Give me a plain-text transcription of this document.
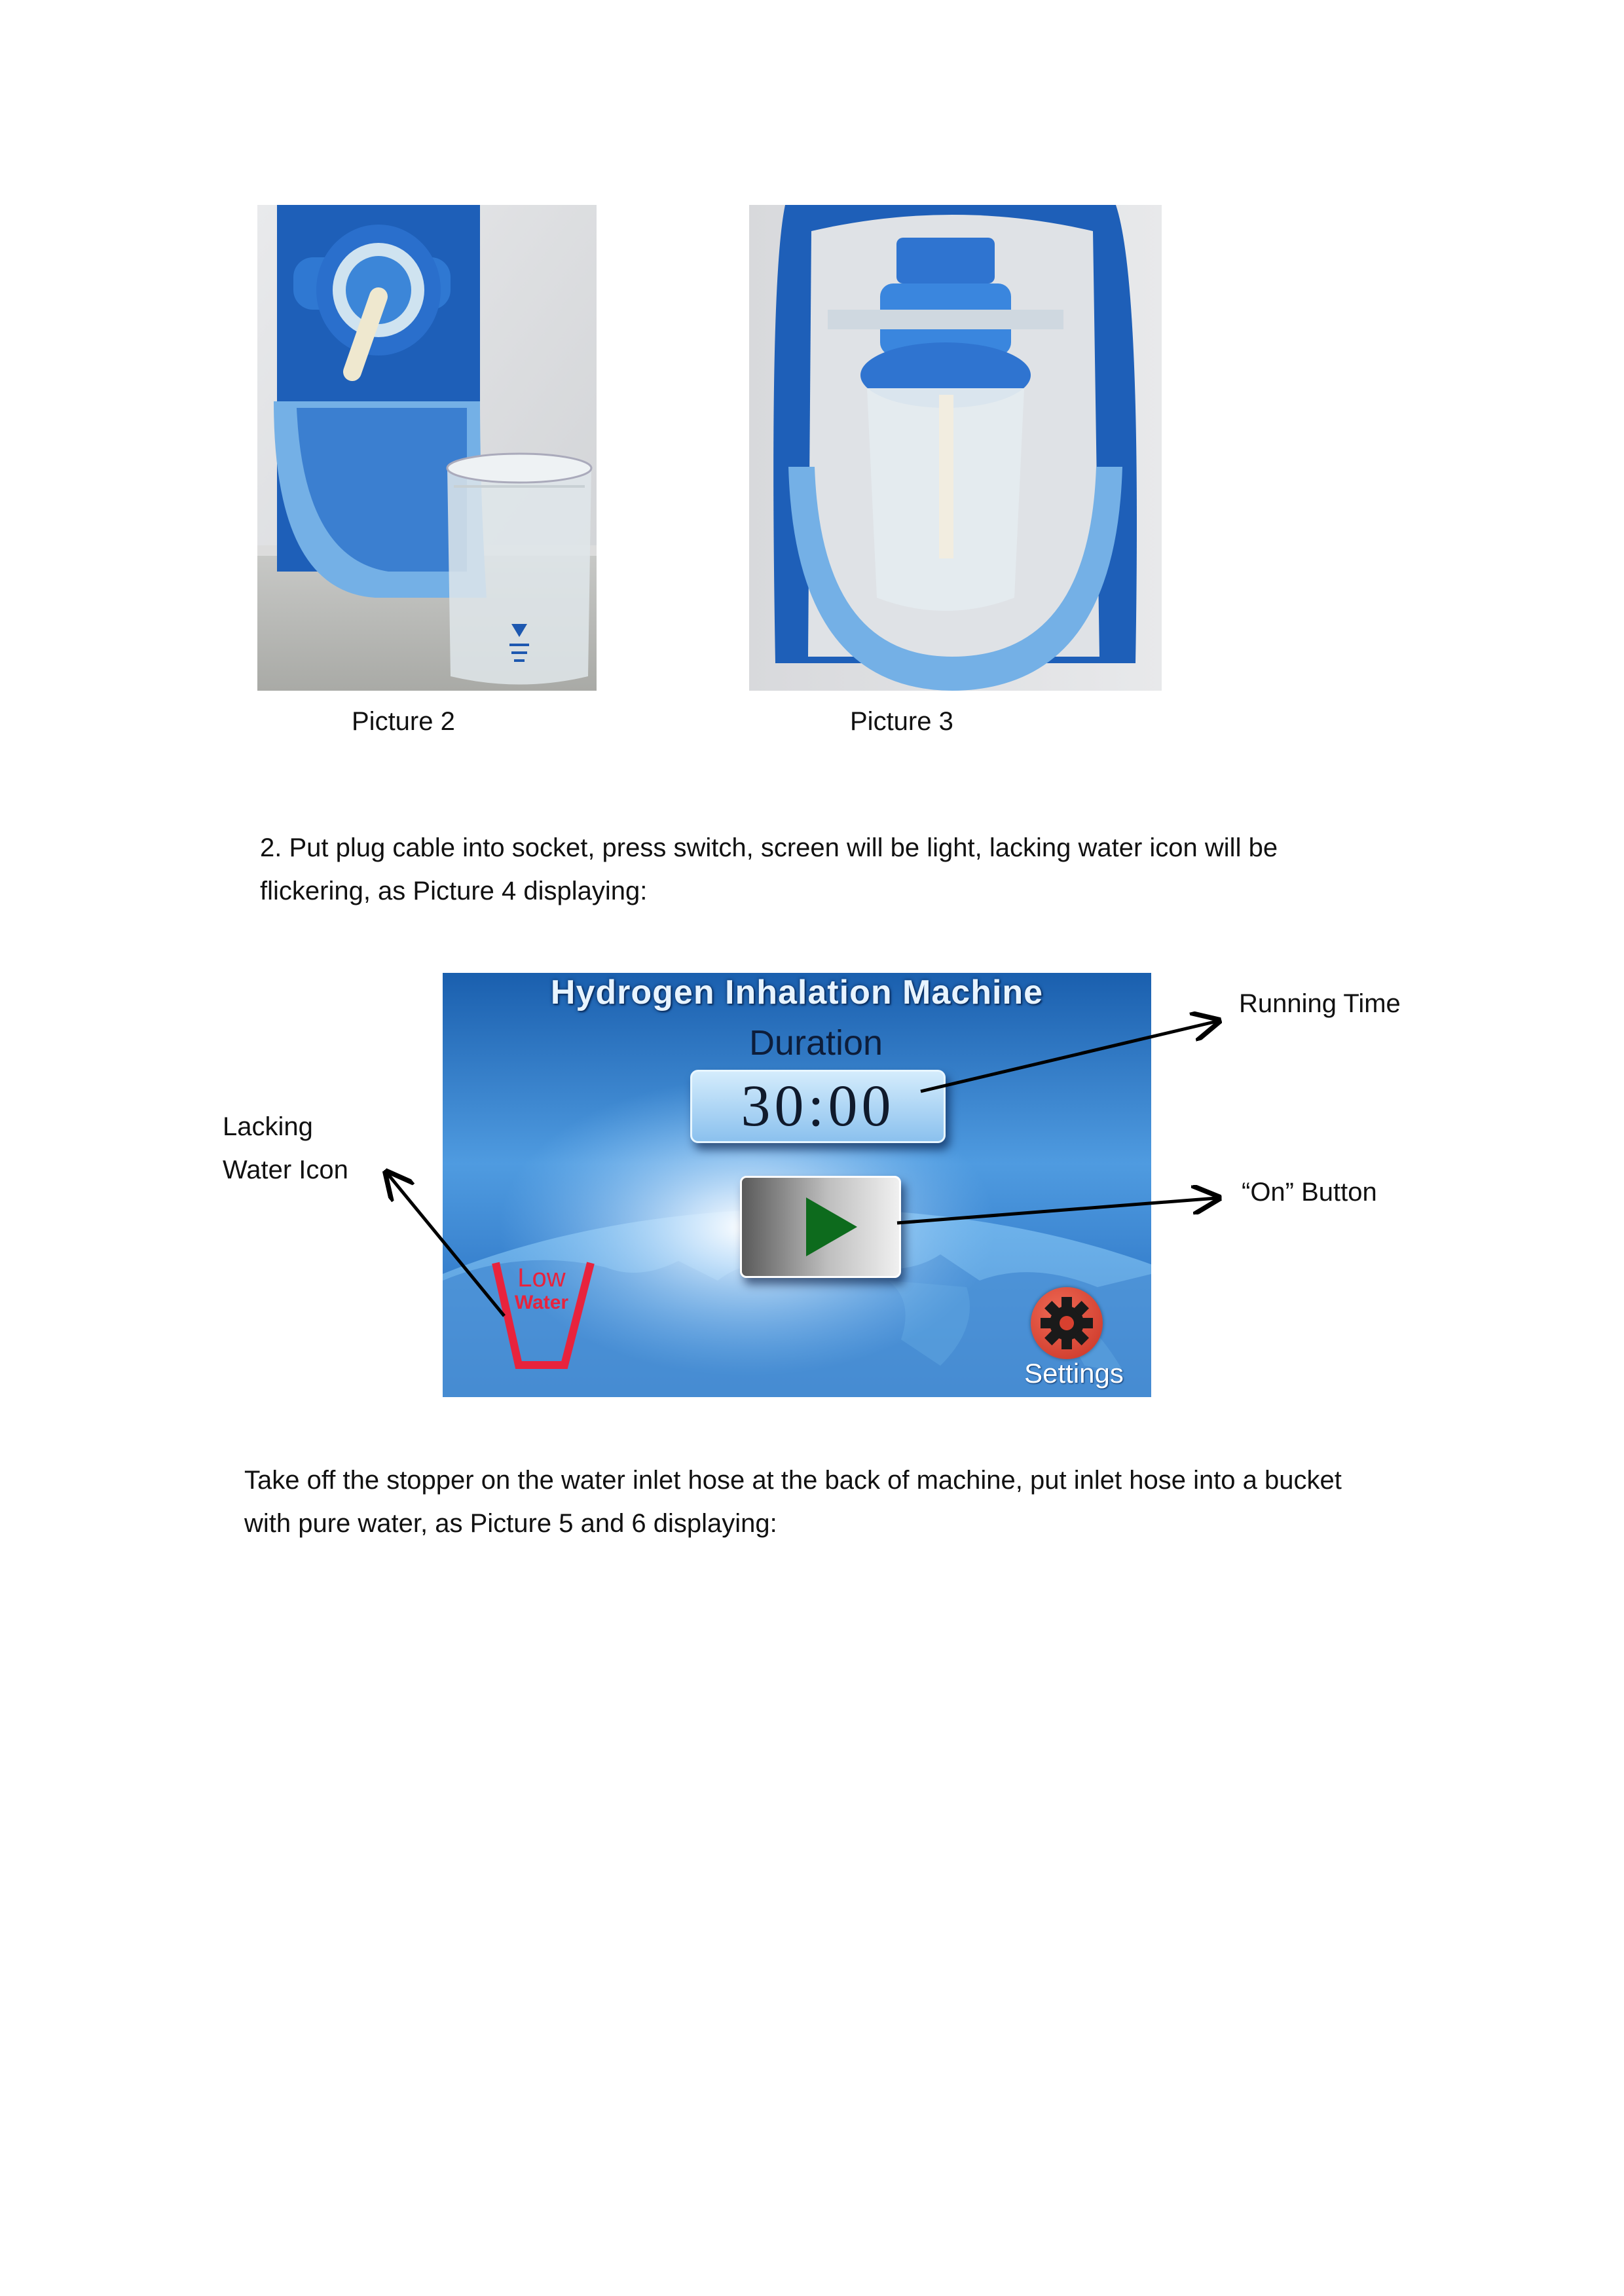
Picture 2	Picture 3
2. Put plug cable into socket, press switch, screen will be light, lacking water icon will be
flickering, as Picture 4 displaying:
Hydrogen Inhalation Machine
Duration
30:00
Low
Water
Settings
Running Time
“On” Button
Lacking
Water Icon
Take off the stopper on the water inlet hose at the back of machine, put inlet hose into a bucket
with pure water, as Picture 5 and 6 displaying:
